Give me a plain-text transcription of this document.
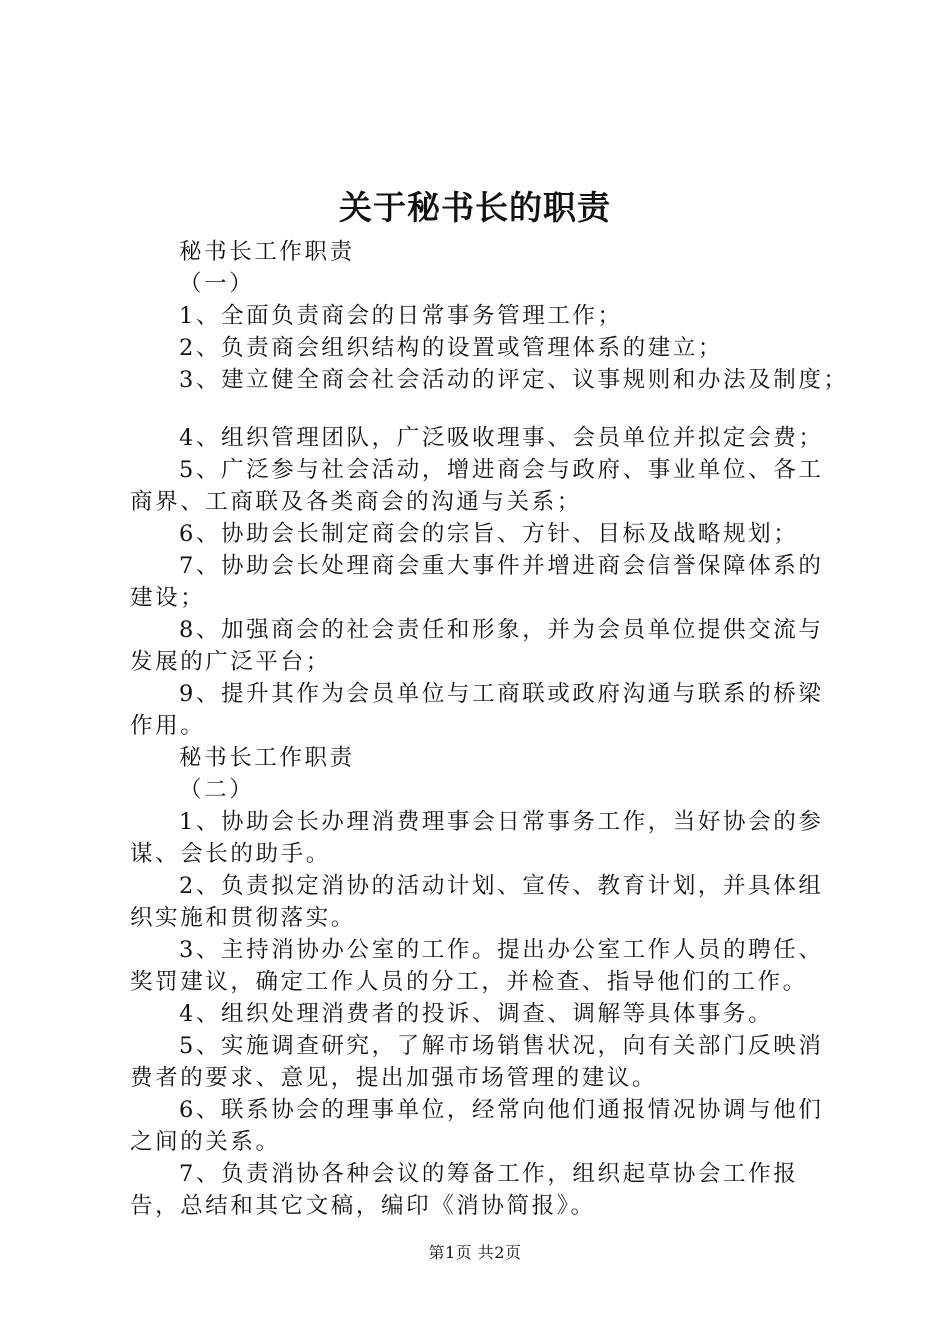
关于秘书长的职责

秘书长工作职责

（一）

1、全面负责商会的日常事务管理工作；

2、负责商会组织结构的设置或管理体系的建立；

3、建立健全商会社会活动的评定、议事规则和办法及制度；

4、组织管理团队，广泛吸收理事、会员单位并拟定会费；

5、广泛参与社会活动，增进商会与政府、事业单位、各工商界、工商联及各类商会的沟通与关系；

6、协助会长制定商会的宗旨、方针、目标及战略规划；

7、协助会长处理商会重大事件并增进商会信誉保障体系的建设；

8、加强商会的社会责任和形象，并为会员单位提供交流与发展的广泛平台；

9、提升其作为会员单位与工商联或政府沟通与联系的桥梁作用。

秘书长工作职责

（二）

1、协助会长办理消费理事会日常事务工作，当好协会的参谋、会长的助手。

2、负责拟定消协的活动计划、宣传、教育计划，并具体组织实施和贯彻落实。

3、主持消协办公室的工作。提出办公室工作人员的聘任、奖罚建议，确定工作人员的分工，并检查、指导他们的工作。

4、组织处理消费者的投诉、调查、调解等具体事务。

5、实施调查研究，了解市场销售状况，向有关部门反映消费者的要求、意见，提出加强市场管理的建议。

6、联系协会的理事单位，经常向他们通报情况协调与他们之间的关系。

7、负责消协各种会议的筹备工作，组织起草协会工作报告，总结和其它文稿，编印《消协简报》。

第1页 共2页
